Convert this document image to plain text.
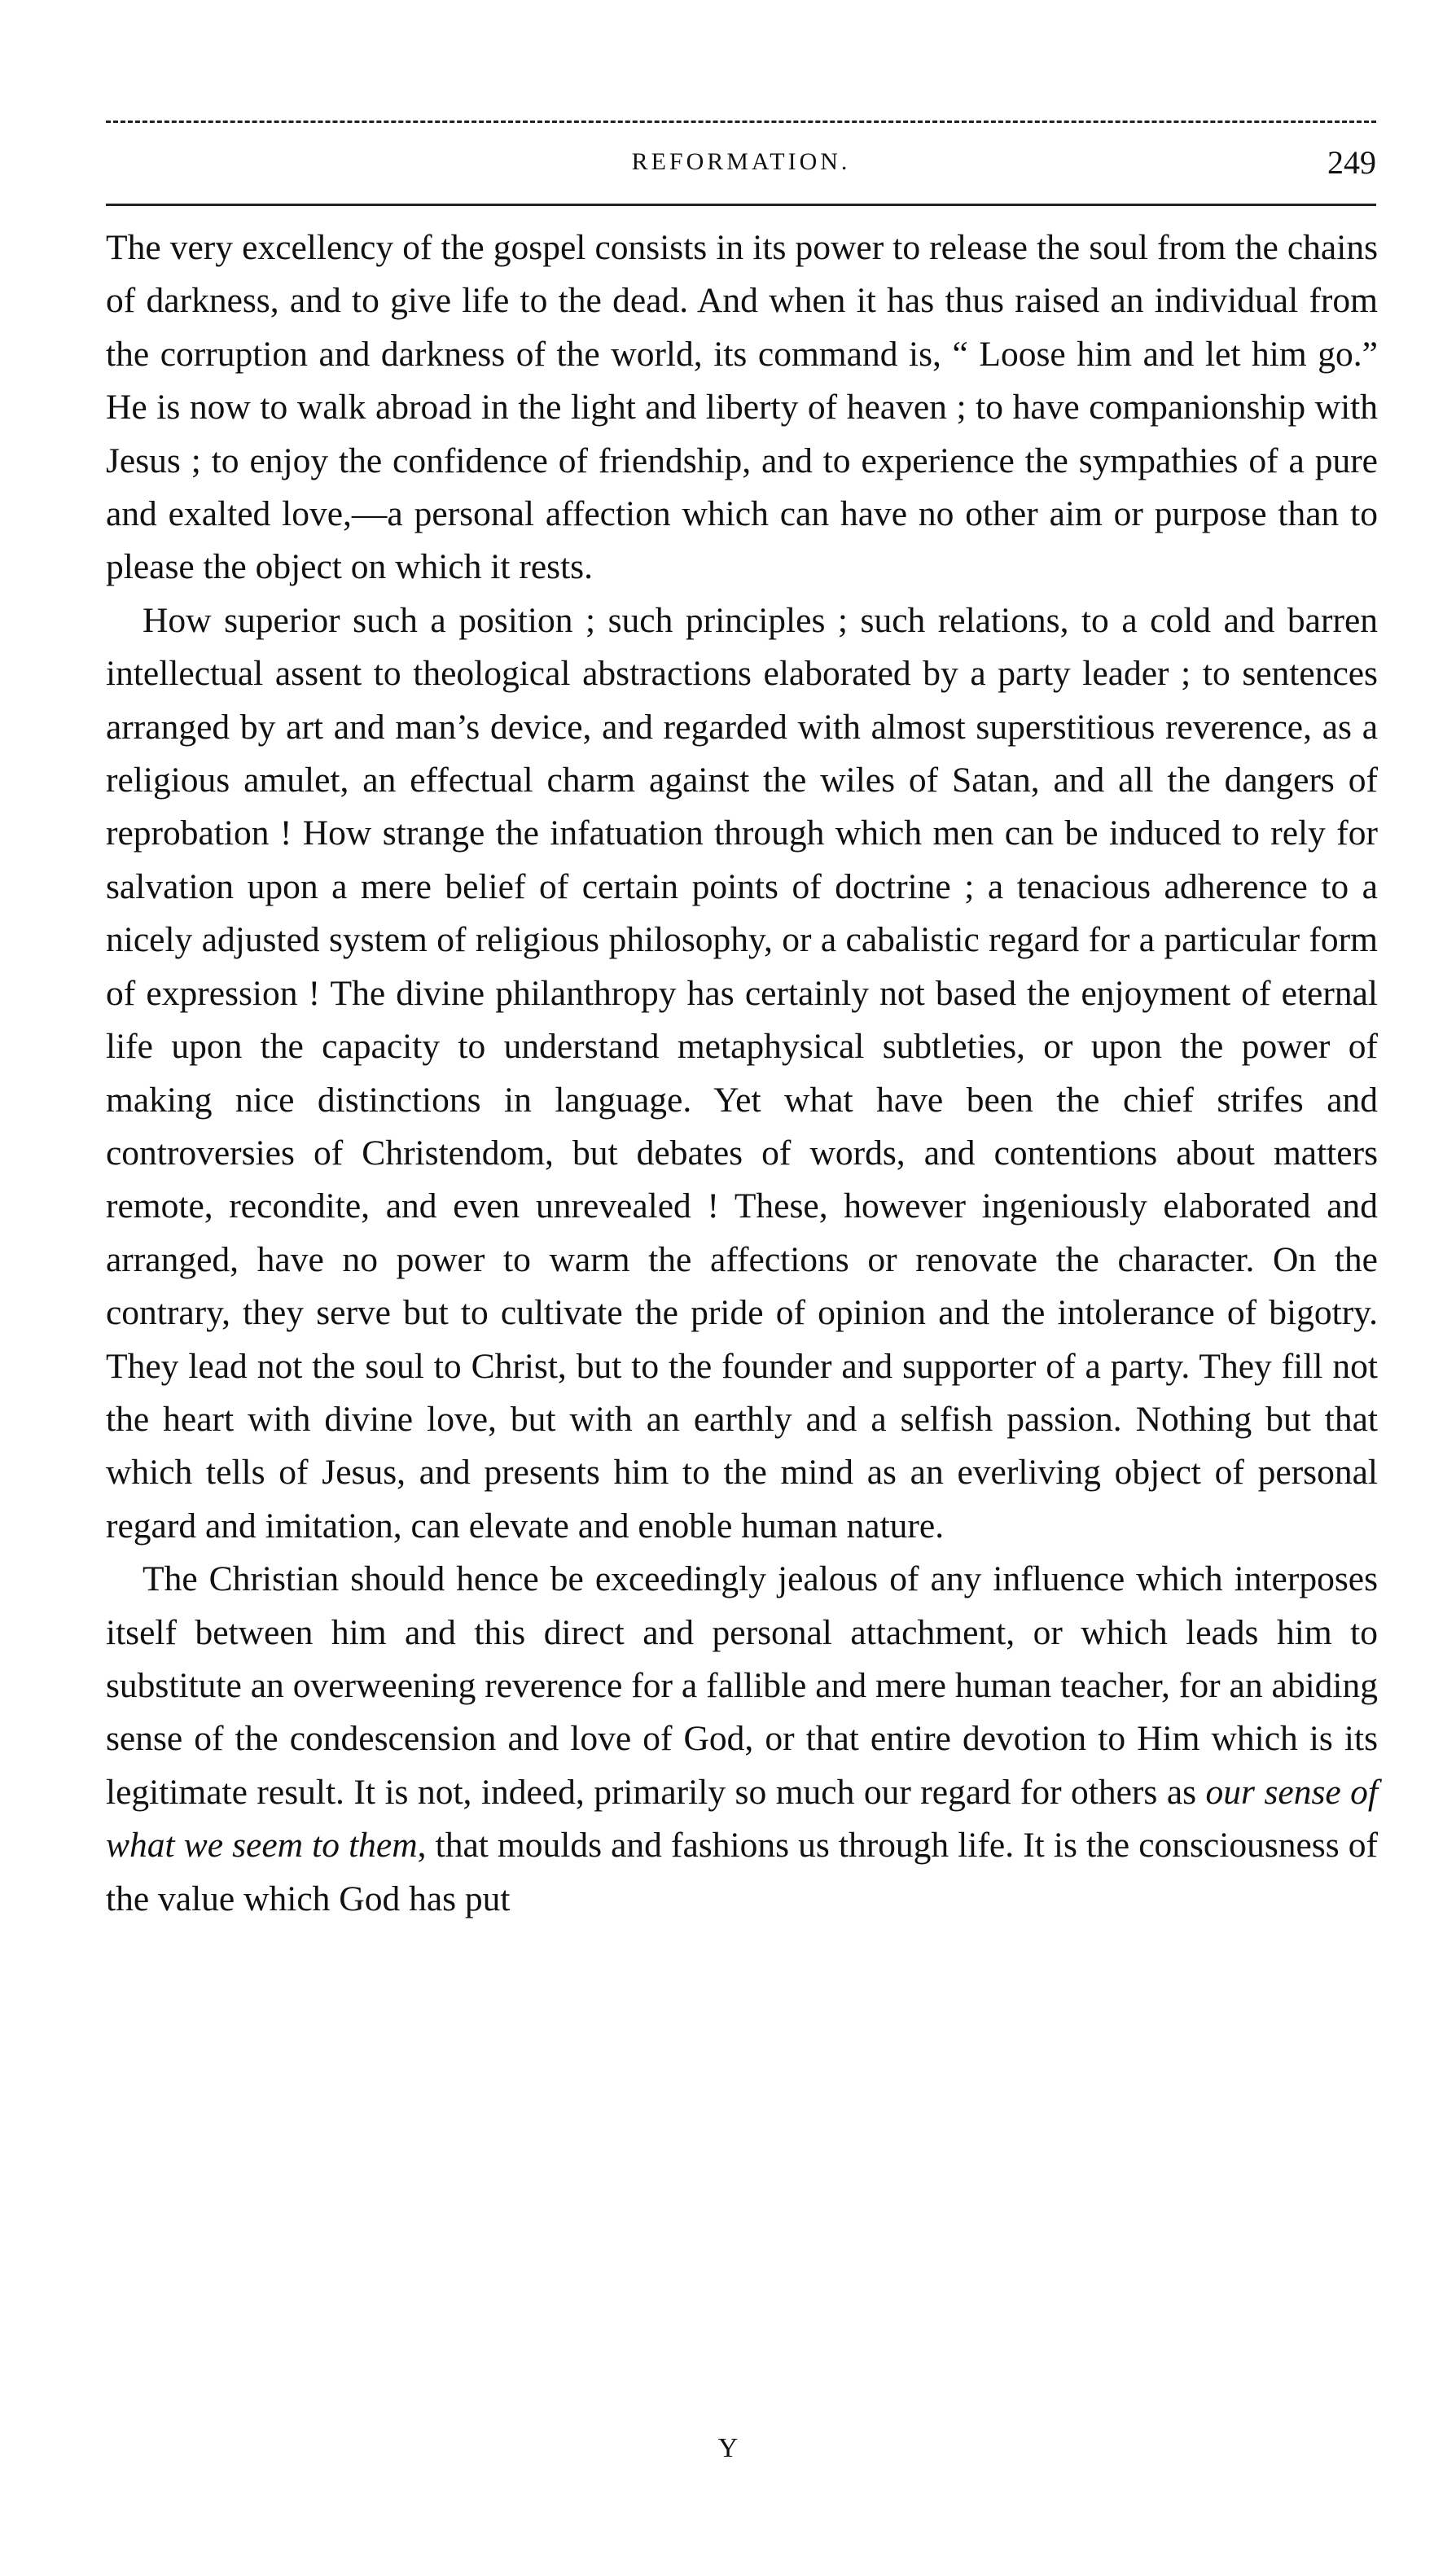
REFORMATION.	249

The very excellency of the gospel consists in its power to release the soul from the chains of darkness, and to give life to the dead. And when it has thus raised an individual from the corruption and darkness of the world, its command is, “ Loose him and let him go.” He is now to walk abroad in the light and liberty of heaven ; to have companionship with Jesus ; to enjoy the confidence of friendship, and to experience the sympathies of a pure and exalted love,—a personal affection which can have no other aim or purpose than to please the object on which it rests.

How superior such a position ; such principles ; such relations, to a cold and barren intellectual assent to theological abstractions elaborated by a party leader ; to sentences arranged by art and man’s device, and regarded with almost superstitious reverence, as a religious amulet, an effectual charm against the wiles of Satan, and all the dangers of reprobation ! How strange the infatuation through which men can be induced to rely for salvation upon a mere belief of certain points of doctrine ; a tenacious adherence to a nicely adjusted system of religious philosophy, or a cabalistic regard for a particular form of expression ! The divine philanthropy has certainly not based the enjoyment of eternal life upon the capacity to understand metaphysical subtleties, or upon the power of making nice distinctions in language. Yet what have been the chief strifes and controversies of Christendom, but debates of words, and contentions about matters remote, recondite, and even unrevealed ! These, however ingeniously elaborated and arranged, have no power to warm the affections or renovate the character. On the contrary, they serve but to cultivate the pride of opinion and the intolerance of bigotry. They lead not the soul to Christ, but to the founder and supporter of a party. They fill not the heart with divine love, but with an earthly and a selfish passion. Nothing but that which tells of Jesus, and presents him to the mind as an everliving object of personal regard and imitation, can elevate and enoble human nature.

The Christian should hence be exceedingly jealous of any influence which interposes itself between him and this direct and personal attachment, or which leads him to substitute an overweening reverence for a fallible and mere human teacher, for an abiding sense of the condescension and love of God, or that entire devotion to Him which is its legitimate result. It is not, indeed, primarily so much our regard for others as our sense of what we seem to them, that moulds and fashions us through life. It is the consciousness of the value which God has put

Y
